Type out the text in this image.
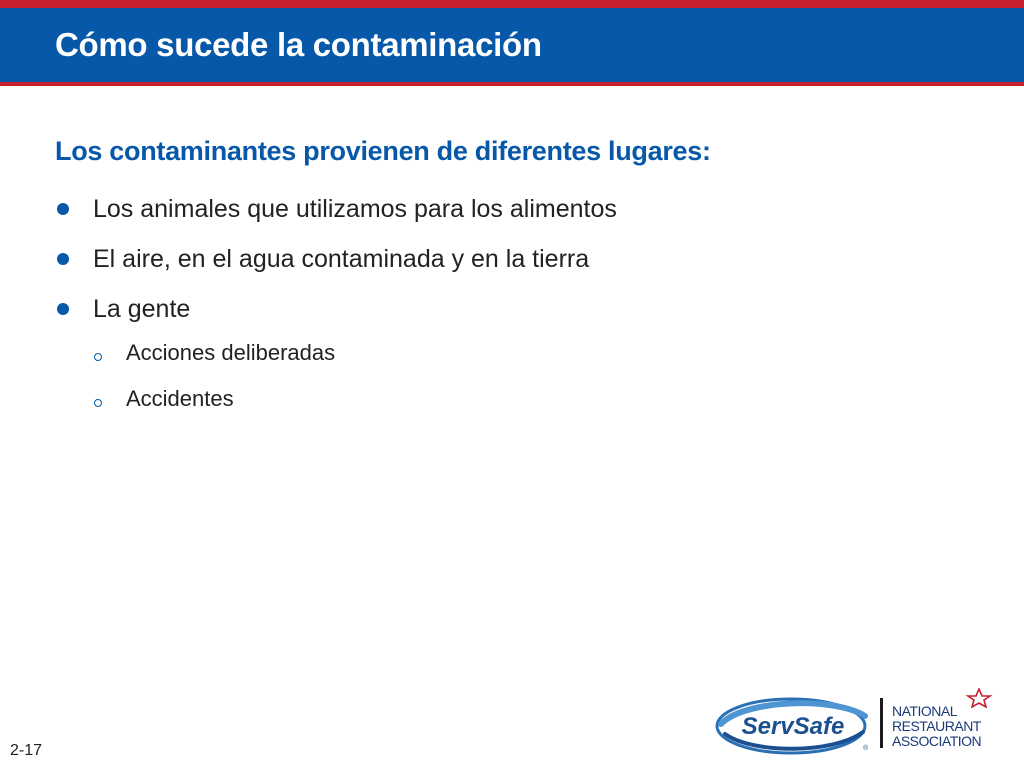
Cómo sucede la contaminación
Los contaminantes provienen de diferentes lugares:
Los animales que utilizamos para los alimentos
El aire, en el agua contaminada y en la tierra
La gente
Acciones deliberadas
Accidentes
2-17
ServSafe
®
NATIONAL
RESTAURANT
ASSOCIATION
